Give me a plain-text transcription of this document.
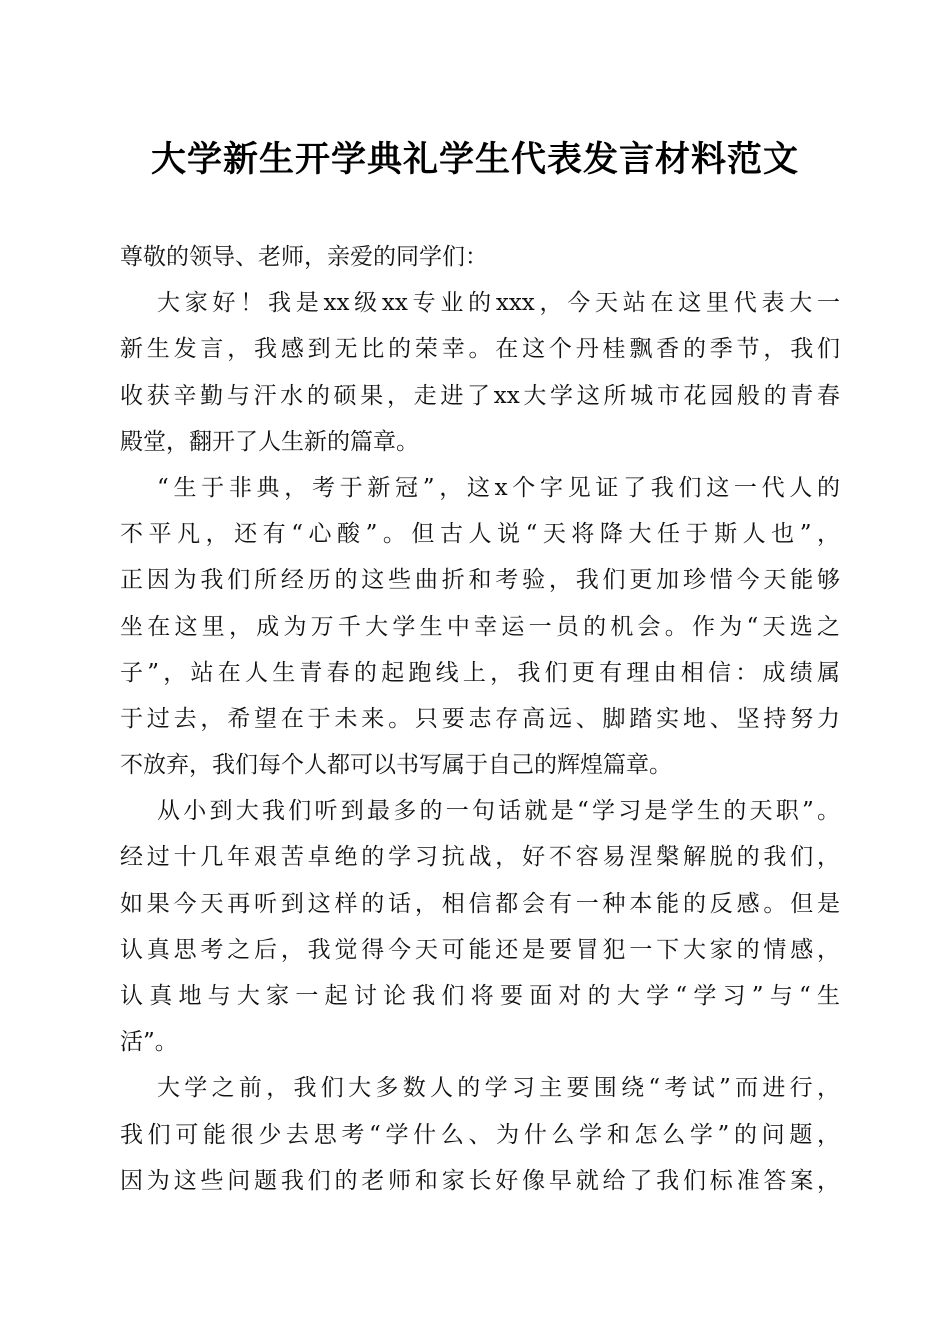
大学新生开学典礼学生代表发言材料范文

尊敬的领导、老师，亲爱的同学们：

大家好！我是xx级xx专业的xxx，今天站在这里代表大一
新生发言，我感到无比的荣幸。在这个丹桂飘香的季节，我们
收获辛勤与汗水的硕果，走进了xx大学这所城市花园般的青春
殿堂，翻开了人生新的篇章。
“生于非典，考于新冠”，这x个字见证了我们这一代人的
不平凡，还有“心酸”。但古人说“天将降大任于斯人也”，
正因为我们所经历的这些曲折和考验，我们更加珍惜今天能够
坐在这里，成为万千大学生中幸运一员的机会。作为“天选之
子”，站在人生青春的起跑线上，我们更有理由相信：成绩属
于过去，希望在于未来。只要志存高远、脚踏实地、坚持努力
不放弃，我们每个人都可以书写属于自己的辉煌篇章。
从小到大我们听到最多的一句话就是“学习是学生的天职”。
经过十几年艰苦卓绝的学习抗战，好不容易涅槃解脱的我们，
如果今天再听到这样的话，相信都会有一种本能的反感。但是
认真思考之后，我觉得今天可能还是要冒犯一下大家的情感，
认真地与大家一起讨论我们将要面对的大学“学习”与“生
活”。
大学之前，我们大多数人的学习主要围绕“考试”而进行，
我们可能很少去思考“学什么、为什么学和怎么学”的问题，
因为这些问题我们的老师和家长好像早就给了我们标准答案，
